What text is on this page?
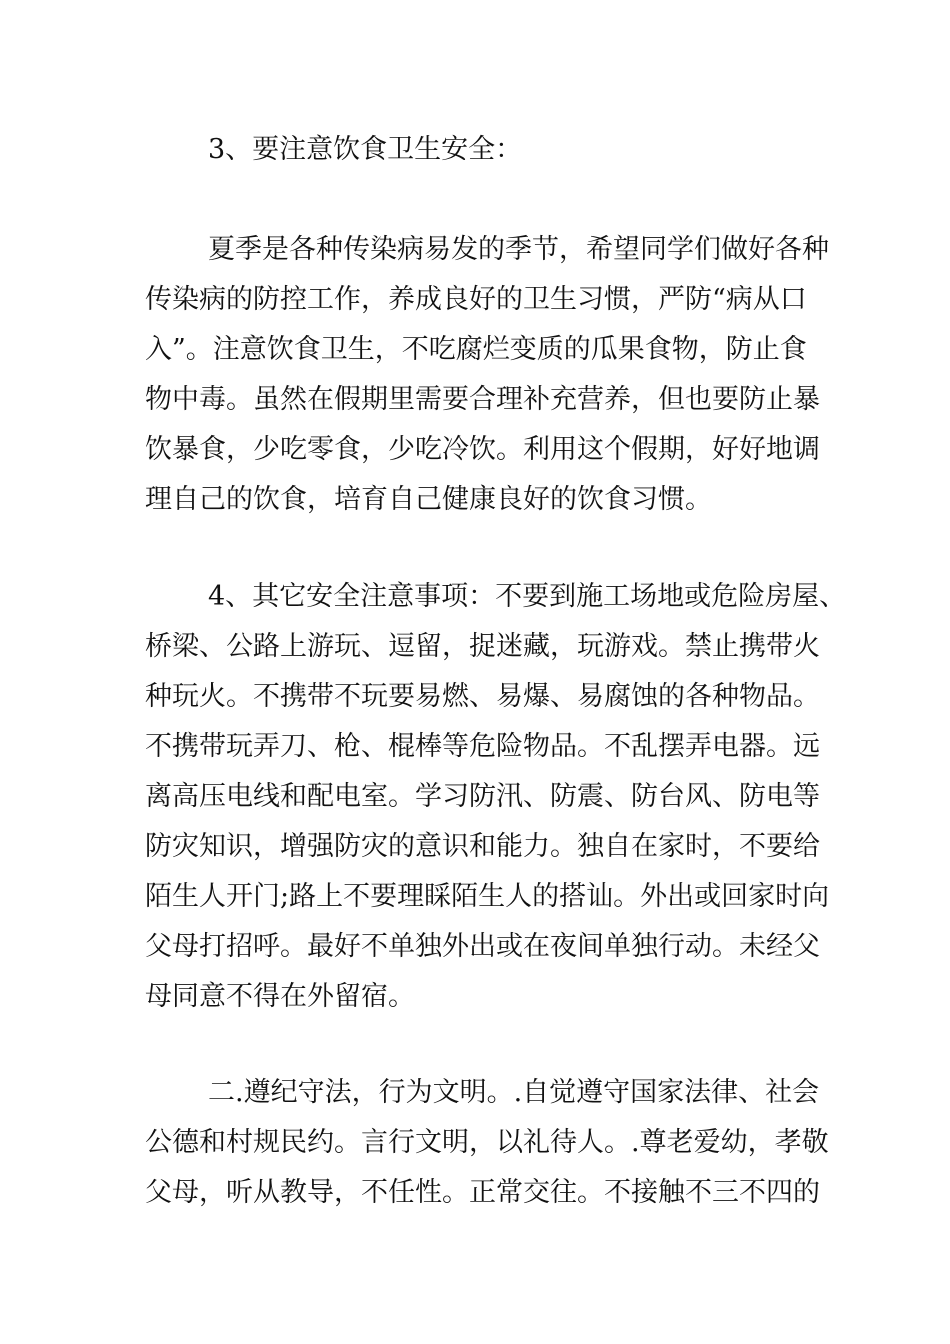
3、要注意饮食卫生安全：

夏季是各种传染病易发的季节，希望同学们做好各种
传染病的防控工作，养成良好的卫生习惯，严防“病从口
入”。注意饮食卫生，不吃腐烂变质的瓜果食物，防止食
物中毒。虽然在假期里需要合理补充营养，但也要防止暴
饮暴食，少吃零食，少吃冷饮。利用这个假期，好好地调
理自己的饮食，培育自己健康良好的饮食习惯。

4、其它安全注意事项：不要到施工场地或危险房屋、
桥梁、公路上游玩、逗留，捉迷藏，玩游戏。禁止携带火
种玩火。不携带不玩要易燃、易爆、易腐蚀的各种物品。
不携带玩弄刀、枪、棍棒等危险物品。不乱摆弄电器。远
离高压电线和配电室。学习防汛、防震、防台风、防电等
防灾知识，增强防灾的意识和能力。独自在家时，不要给
陌生人开门;路上不要理睬陌生人的搭讪。外出或回家时向
父母打招呼。最好不单独外出或在夜间单独行动。未经父
母同意不得在外留宿。

二.遵纪守法，行为文明。.自觉遵守国家法律、社会
公德和村规民约。言行文明，以礼待人。.尊老爱幼，孝敬
父母，听从教导，不任性。正常交往。不接触不三不四的
